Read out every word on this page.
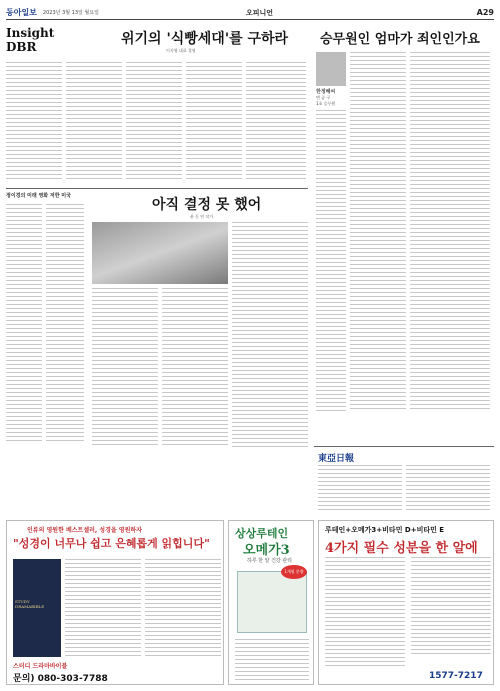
동아일보 2023년 3월 13일 월요일	오피니언	A29
Insight DBR	위기의 '식빵세대'를 구하라
이지영 대표 경영
승무원인 엄마가 죄인인가요
한정혜씨
변 공 구
1초 승무원
정이경의 미래 영화 저한 미국
아직 결정 못 했어
윤 동 연 작가
東亞日報
인류의 영원한 베스트셀러, 성경을 영원하자
"성경이 너무나 쉽고 은혜롭게 읽힙니다"
STUDY DRAMABIBLE
스터디 드라마바이블
문의) 080-303-7788
상상루테인
오메가3
하루 한 알 건강 관리
1개월 분량
루테인+오메가3+비타민 D+비타민 E
4가지 필수 성분을 한 알에
1577-7217
